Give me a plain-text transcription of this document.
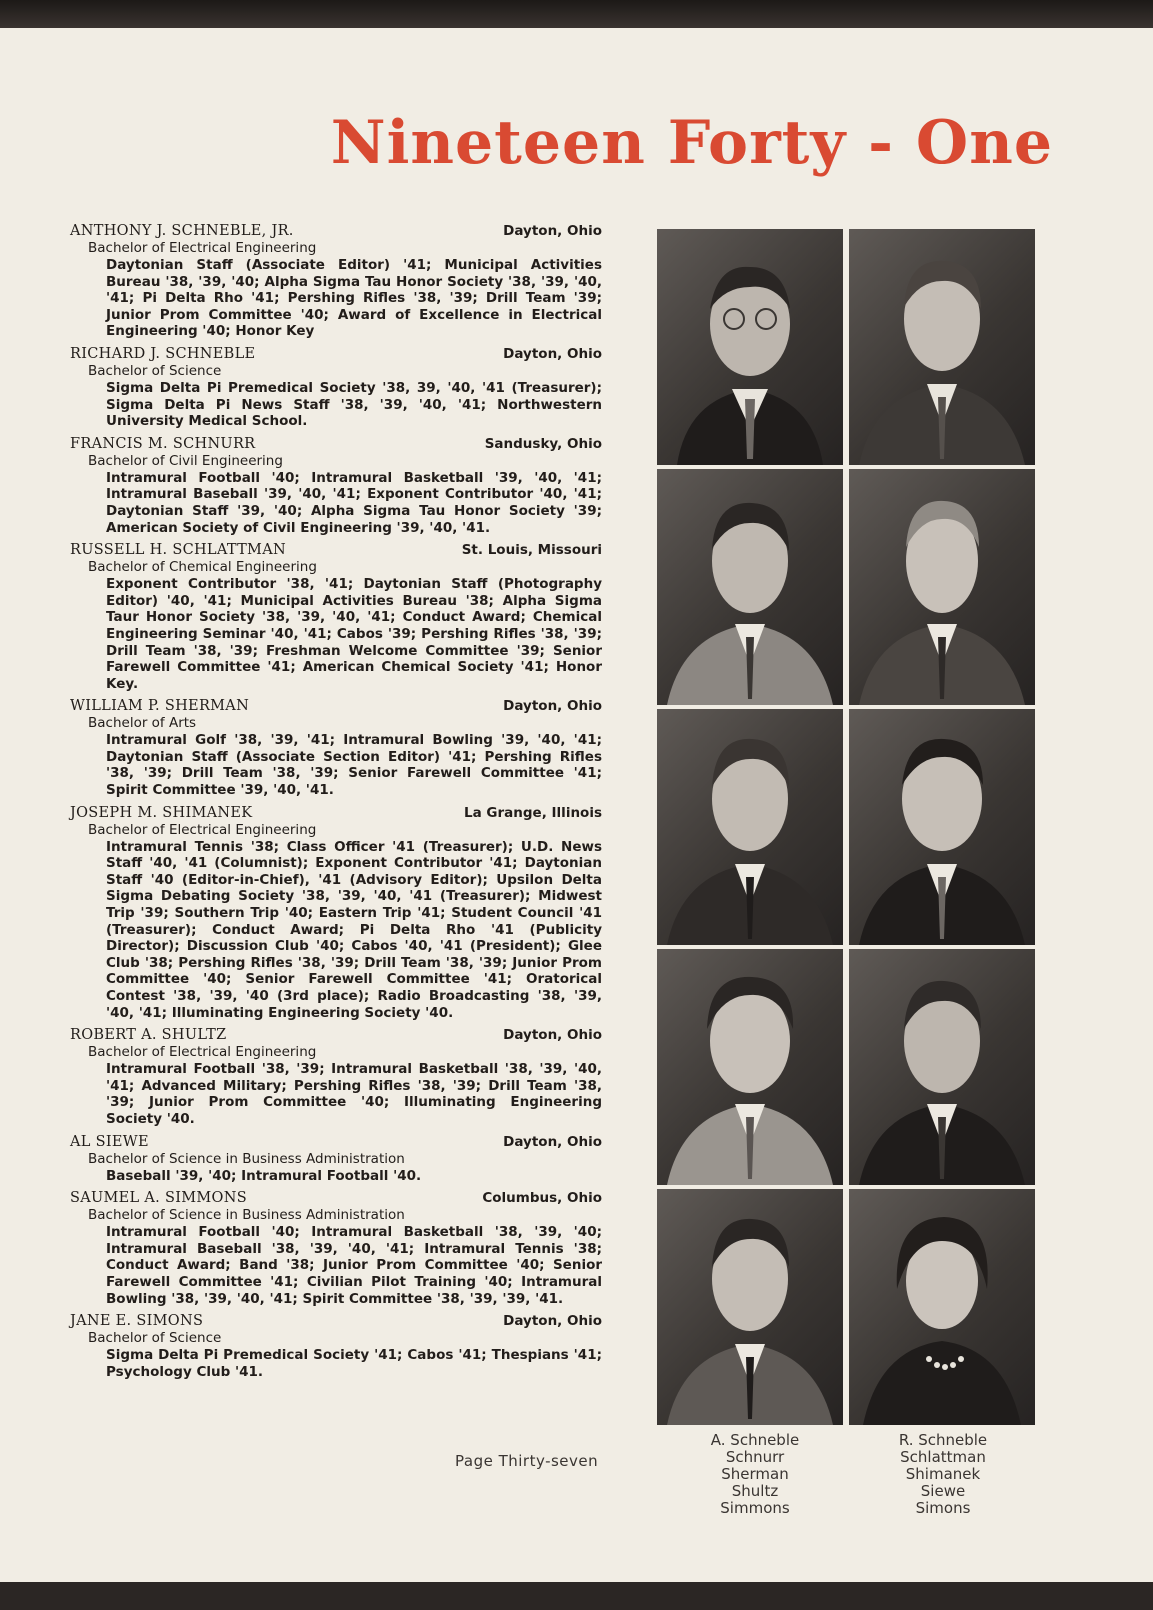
Nineteen Forty - One
ANTHONY J. SCHNEBLE, JR.	Dayton, Ohio
Bachelor of Electrical Engineering
Daytonian Staff (Associate Editor) '41; Municipal Activities Bureau '38, '39, '40; Alpha Sigma Tau Honor Society '38, '39, '40, '41; Pi Delta Rho '41; Pershing Rifles '38, '39; Drill Team '39; Junior Prom Committee '40; Award of Excellence in Electrical Engineering '40; Honor Key
RICHARD J. SCHNEBLE	Dayton, Ohio
Bachelor of Science
Sigma Delta Pi Premedical Society '38, 39, '40, '41 (Treasurer); Sigma Delta Pi News Staff '38, '39, '40, '41; Northwestern University Medical School.
FRANCIS M. SCHNURR	Sandusky, Ohio
Bachelor of Civil Engineering
Intramural Football '40; Intramural Basketball '39, '40, '41; Intramural Baseball '39, '40, '41; Exponent Contributor '40, '41; Daytonian Staff '39, '40; Alpha Sigma Tau Honor Society '39; American Society of Civil Engineering '39, '40, '41.
RUSSELL H. SCHLATTMAN	St. Louis, Missouri
Bachelor of Chemical Engineering
Exponent Contributor '38, '41; Daytonian Staff (Photography Editor) '40, '41; Municipal Activities Bureau '38; Alpha Sigma Taur Honor Society '38, '39, '40, '41; Conduct Award; Chemical Engineering Seminar '40, '41; Cabos '39; Pershing Rifles '38, '39; Drill Team '38, '39; Freshman Welcome Committee '39; Senior Farewell Committee '41; American Chemical Society '41; Honor Key.
WILLIAM P. SHERMAN	Dayton, Ohio
Bachelor of Arts
Intramural Golf '38, '39, '41; Intramural Bowling '39, '40, '41; Daytonian Staff (Associate Section Editor) '41; Pershing Rifles '38, '39; Drill Team '38, '39; Senior Farewell Committee '41; Spirit Committee '39, '40, '41.
JOSEPH M. SHIMANEK	La Grange, Illinois
Bachelor of Electrical Engineering
Intramural Tennis '38; Class Officer '41 (Treasurer); U.D. News Staff '40, '41 (Columnist); Exponent Contributor '41; Daytonian Staff '40 (Editor-in-Chief), '41 (Advisory Editor); Upsilon Delta Sigma Debating Society '38, '39, '40, '41 (Treasurer); Midwest Trip '39; Southern Trip '40; Eastern Trip '41; Student Council '41 (Treasurer); Conduct Award; Pi Delta Rho '41 (Publicity Director); Discussion Club '40; Cabos '40, '41 (President); Glee Club '38; Pershing Rifles '38, '39; Drill Team '38, '39; Junior Prom Committee '40; Senior Farewell Committee '41; Oratorical Contest '38, '39, '40 (3rd place); Radio Broadcasting '38, '39, '40, '41; Illuminating Engineering Society '40.
ROBERT A. SHULTZ	Dayton, Ohio
Bachelor of Electrical Engineering
Intramural Football '38, '39; Intramural Basketball '38, '39, '40, '41; Advanced Military; Pershing Rifles '38, '39; Drill Team '38, '39; Junior Prom Committee '40; Illuminating Engineering Society '40.
AL SIEWE	Dayton, Ohio
Bachelor of Science in Business Administration
Baseball '39, '40; Intramural Football '40.
SAUMEL A. SIMMONS	Columbus, Ohio
Bachelor of Science in Business Administration
Intramural Football '40; Intramural Basketball '38, '39, '40; Intramural Baseball '38, '39, '40, '41; Intramural Tennis '38; Conduct Award; Band '38; Junior Prom Committee '40; Senior Farewell Committee '41; Civilian Pilot Training '40; Intramural Bowling '38, '39, '40, '41; Spirit Committee '38, '39, '39, '41.
JANE E. SIMONS	Dayton, Ohio
Bachelor of Science
Sigma Delta Pi Premedical Society '41; Cabos '41; Thespians '41; Psychology Club '41.
Page Thirty-seven
A. Schneble
Schnurr
Sherman
Shultz
Simmons
R. Schneble
Schlattman
Shimanek
Siewe
Simons
